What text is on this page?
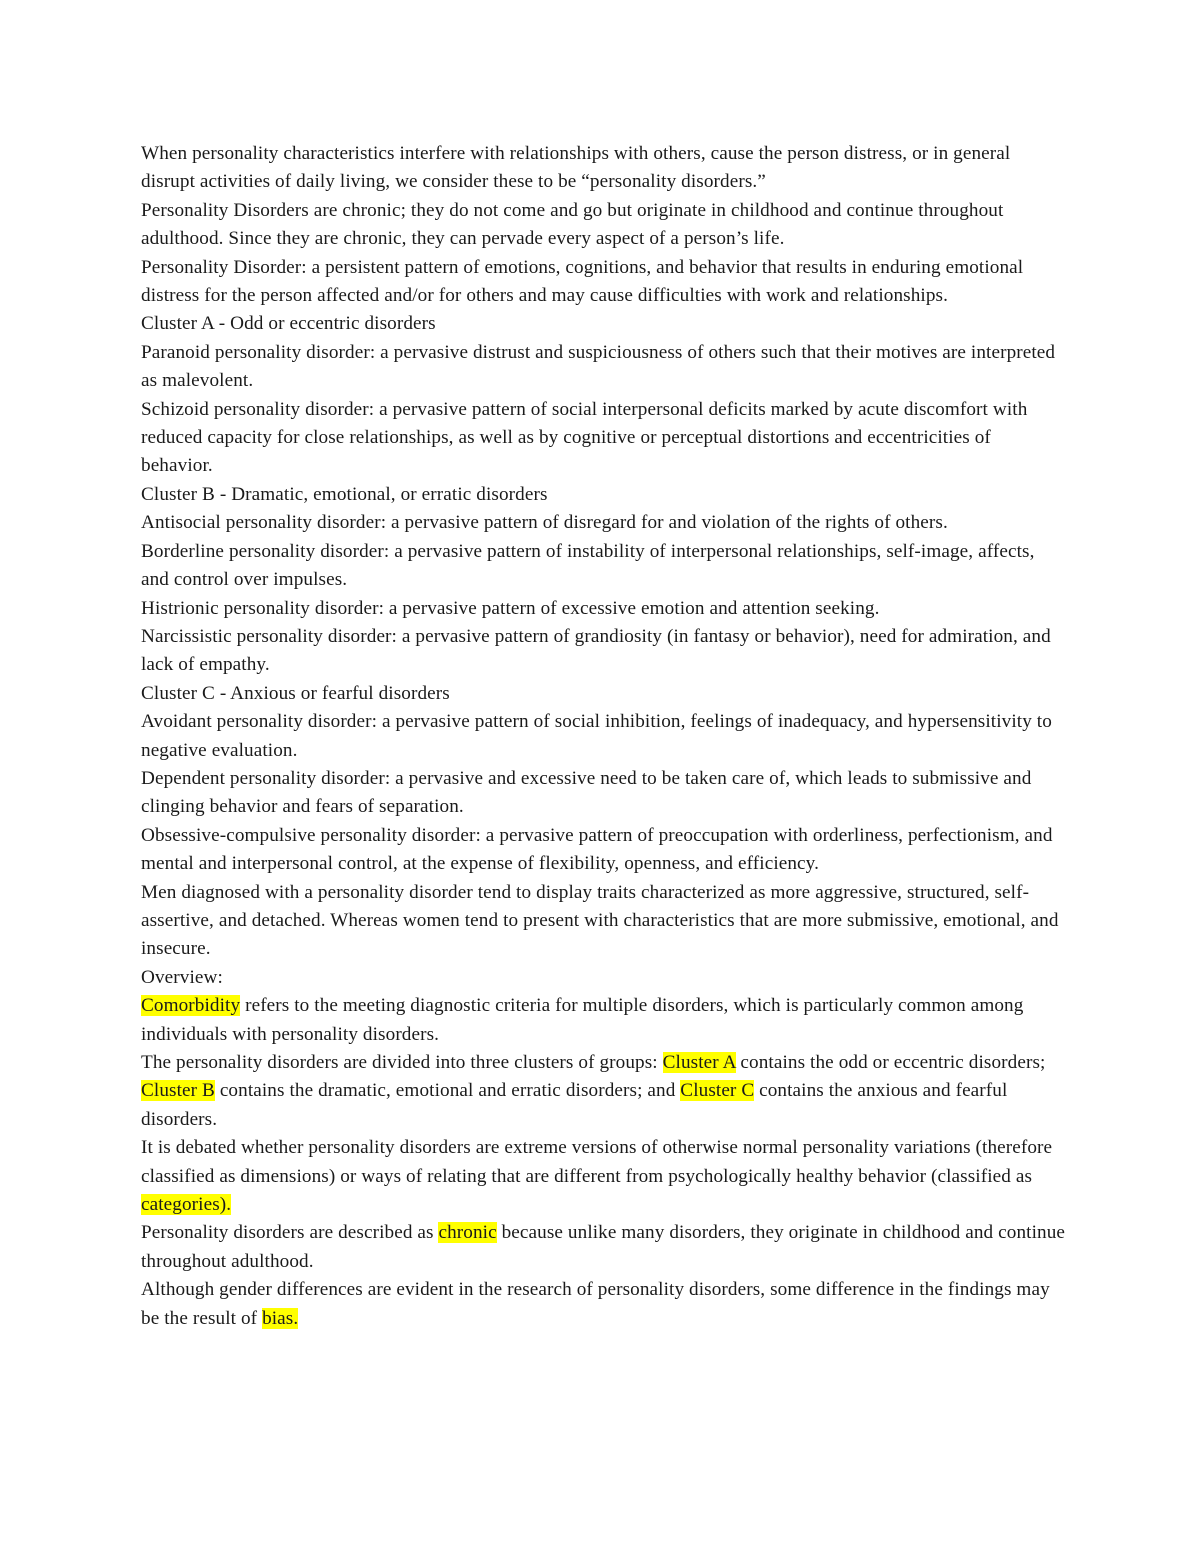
When personality characteristics interfere with relationships with others, cause the person distress, or in general disrupt activities of daily living, we consider these to be “personality disorders.”

Personality Disorders are chronic; they do not come and go but originate in childhood and continue throughout adulthood. Since they are chronic, they can pervade every aspect of a person’s life.

Personality Disorder: a persistent pattern of emotions, cognitions, and behavior that results in enduring emotional distress for the person affected and/or for others and may cause difficulties with work and relationships.

Cluster A - Odd or eccentric disorders

Paranoid personality disorder: a pervasive distrust and suspiciousness of others such that their motives are interpreted as malevolent.

Schizoid personality disorder: a pervasive pattern of social interpersonal deficits marked by acute discomfort with reduced capacity for close relationships, as well as by cognitive or perceptual distortions and eccentricities of behavior.

Cluster B - Dramatic, emotional, or erratic disorders

Antisocial personality disorder: a pervasive pattern of disregard for and violation of the rights of others.

Borderline personality disorder: a pervasive pattern of instability of interpersonal relationships, self-image, affects, and control over impulses.

Histrionic personality disorder: a pervasive pattern of excessive emotion and attention seeking.

Narcissistic personality disorder: a pervasive pattern of grandiosity (in fantasy or behavior), need for admiration, and lack of empathy.

Cluster C - Anxious or fearful disorders

Avoidant personality disorder: a pervasive pattern of social inhibition, feelings of inadequacy, and hypersensitivity to negative evaluation.

Dependent personality disorder: a pervasive and excessive need to be taken care of, which leads to submissive and clinging behavior and fears of separation.

Obsessive-compulsive personality disorder: a pervasive pattern of preoccupation with orderliness, perfectionism, and mental and interpersonal control, at the expense of flexibility, openness, and efficiency.

Men diagnosed with a personality disorder tend to display traits characterized as more aggressive, structured, self-assertive, and detached. Whereas women tend to present with characteristics that are more submissive, emotional, and insecure.

Overview:

Comorbidity refers to the meeting diagnostic criteria for multiple disorders, which is particularly common among individuals with personality disorders.

The personality disorders are divided into three clusters of groups: Cluster A contains the odd or eccentric disorders; Cluster B contains the dramatic, emotional and erratic disorders; and Cluster C contains the anxious and fearful disorders.

It is debated whether personality disorders are extreme versions of otherwise normal personality variations (therefore classified as dimensions) or ways of relating that are different from psychologically healthy behavior (classified as categories).

Personality disorders are described as chronic because unlike many disorders, they originate in childhood and continue throughout adulthood.

Although gender differences are evident in the research of personality disorders, some difference in the findings may be the result of bias.
